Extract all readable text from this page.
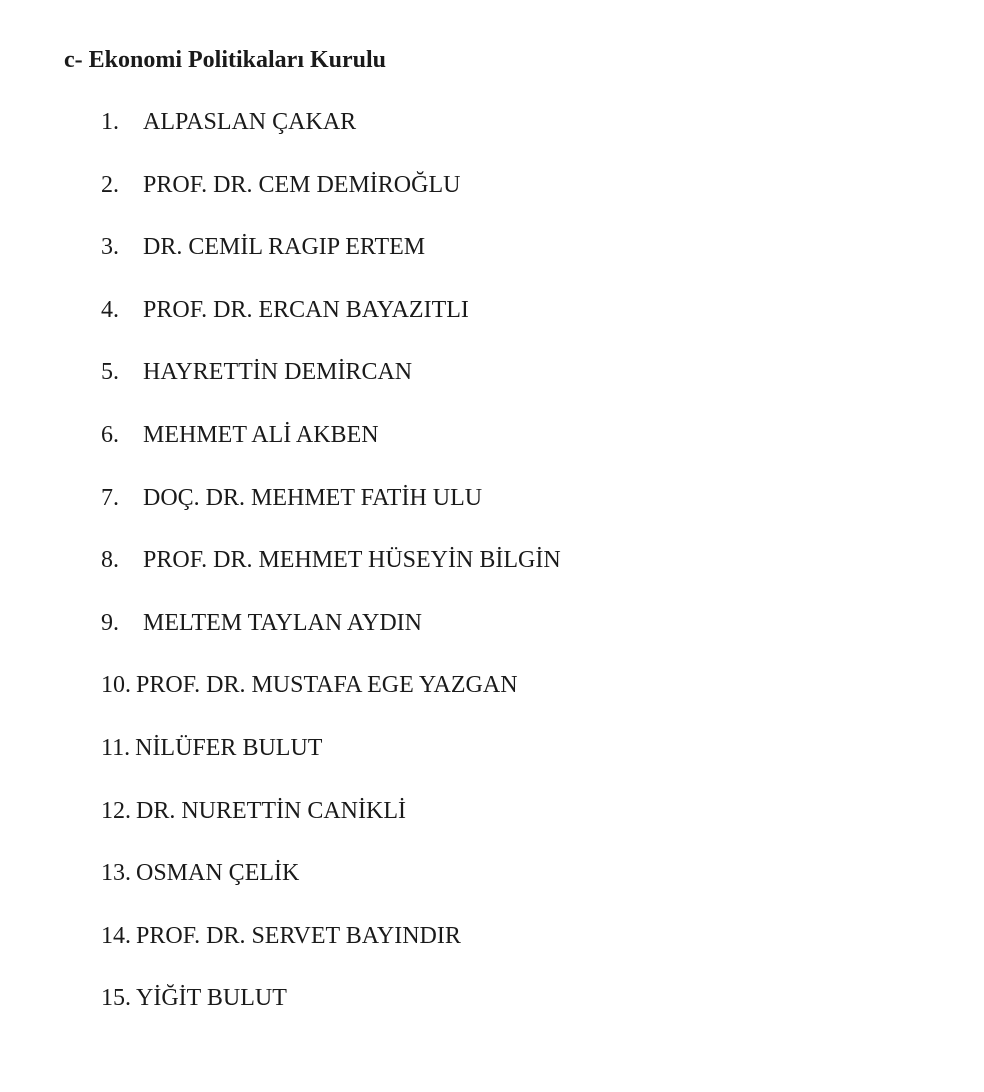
c- Ekonomi Politikaları Kurulu
1. ALPASLAN ÇAKAR
2. PROF. DR. CEM DEMİROĞLU
3. DR. CEMİL RAGIP ERTEM
4. PROF. DR. ERCAN BAYAZITLI
5. HAYRETTİN DEMİRCAN
6. MEHMET ALİ AKBEN
7. DOÇ. DR. MEHMET FATİH ULU
8. PROF. DR. MEHMET HÜSEYİN BİLGİN
9. MELTEM TAYLAN AYDIN
10. PROF. DR. MUSTAFA EGE YAZGAN
11. NİLÜFER BULUT
12. DR. NURETTİN CANİKLİ
13. OSMAN ÇELİK
14. PROF. DR. SERVET BAYINDIR
15. YİĞİT BULUT
